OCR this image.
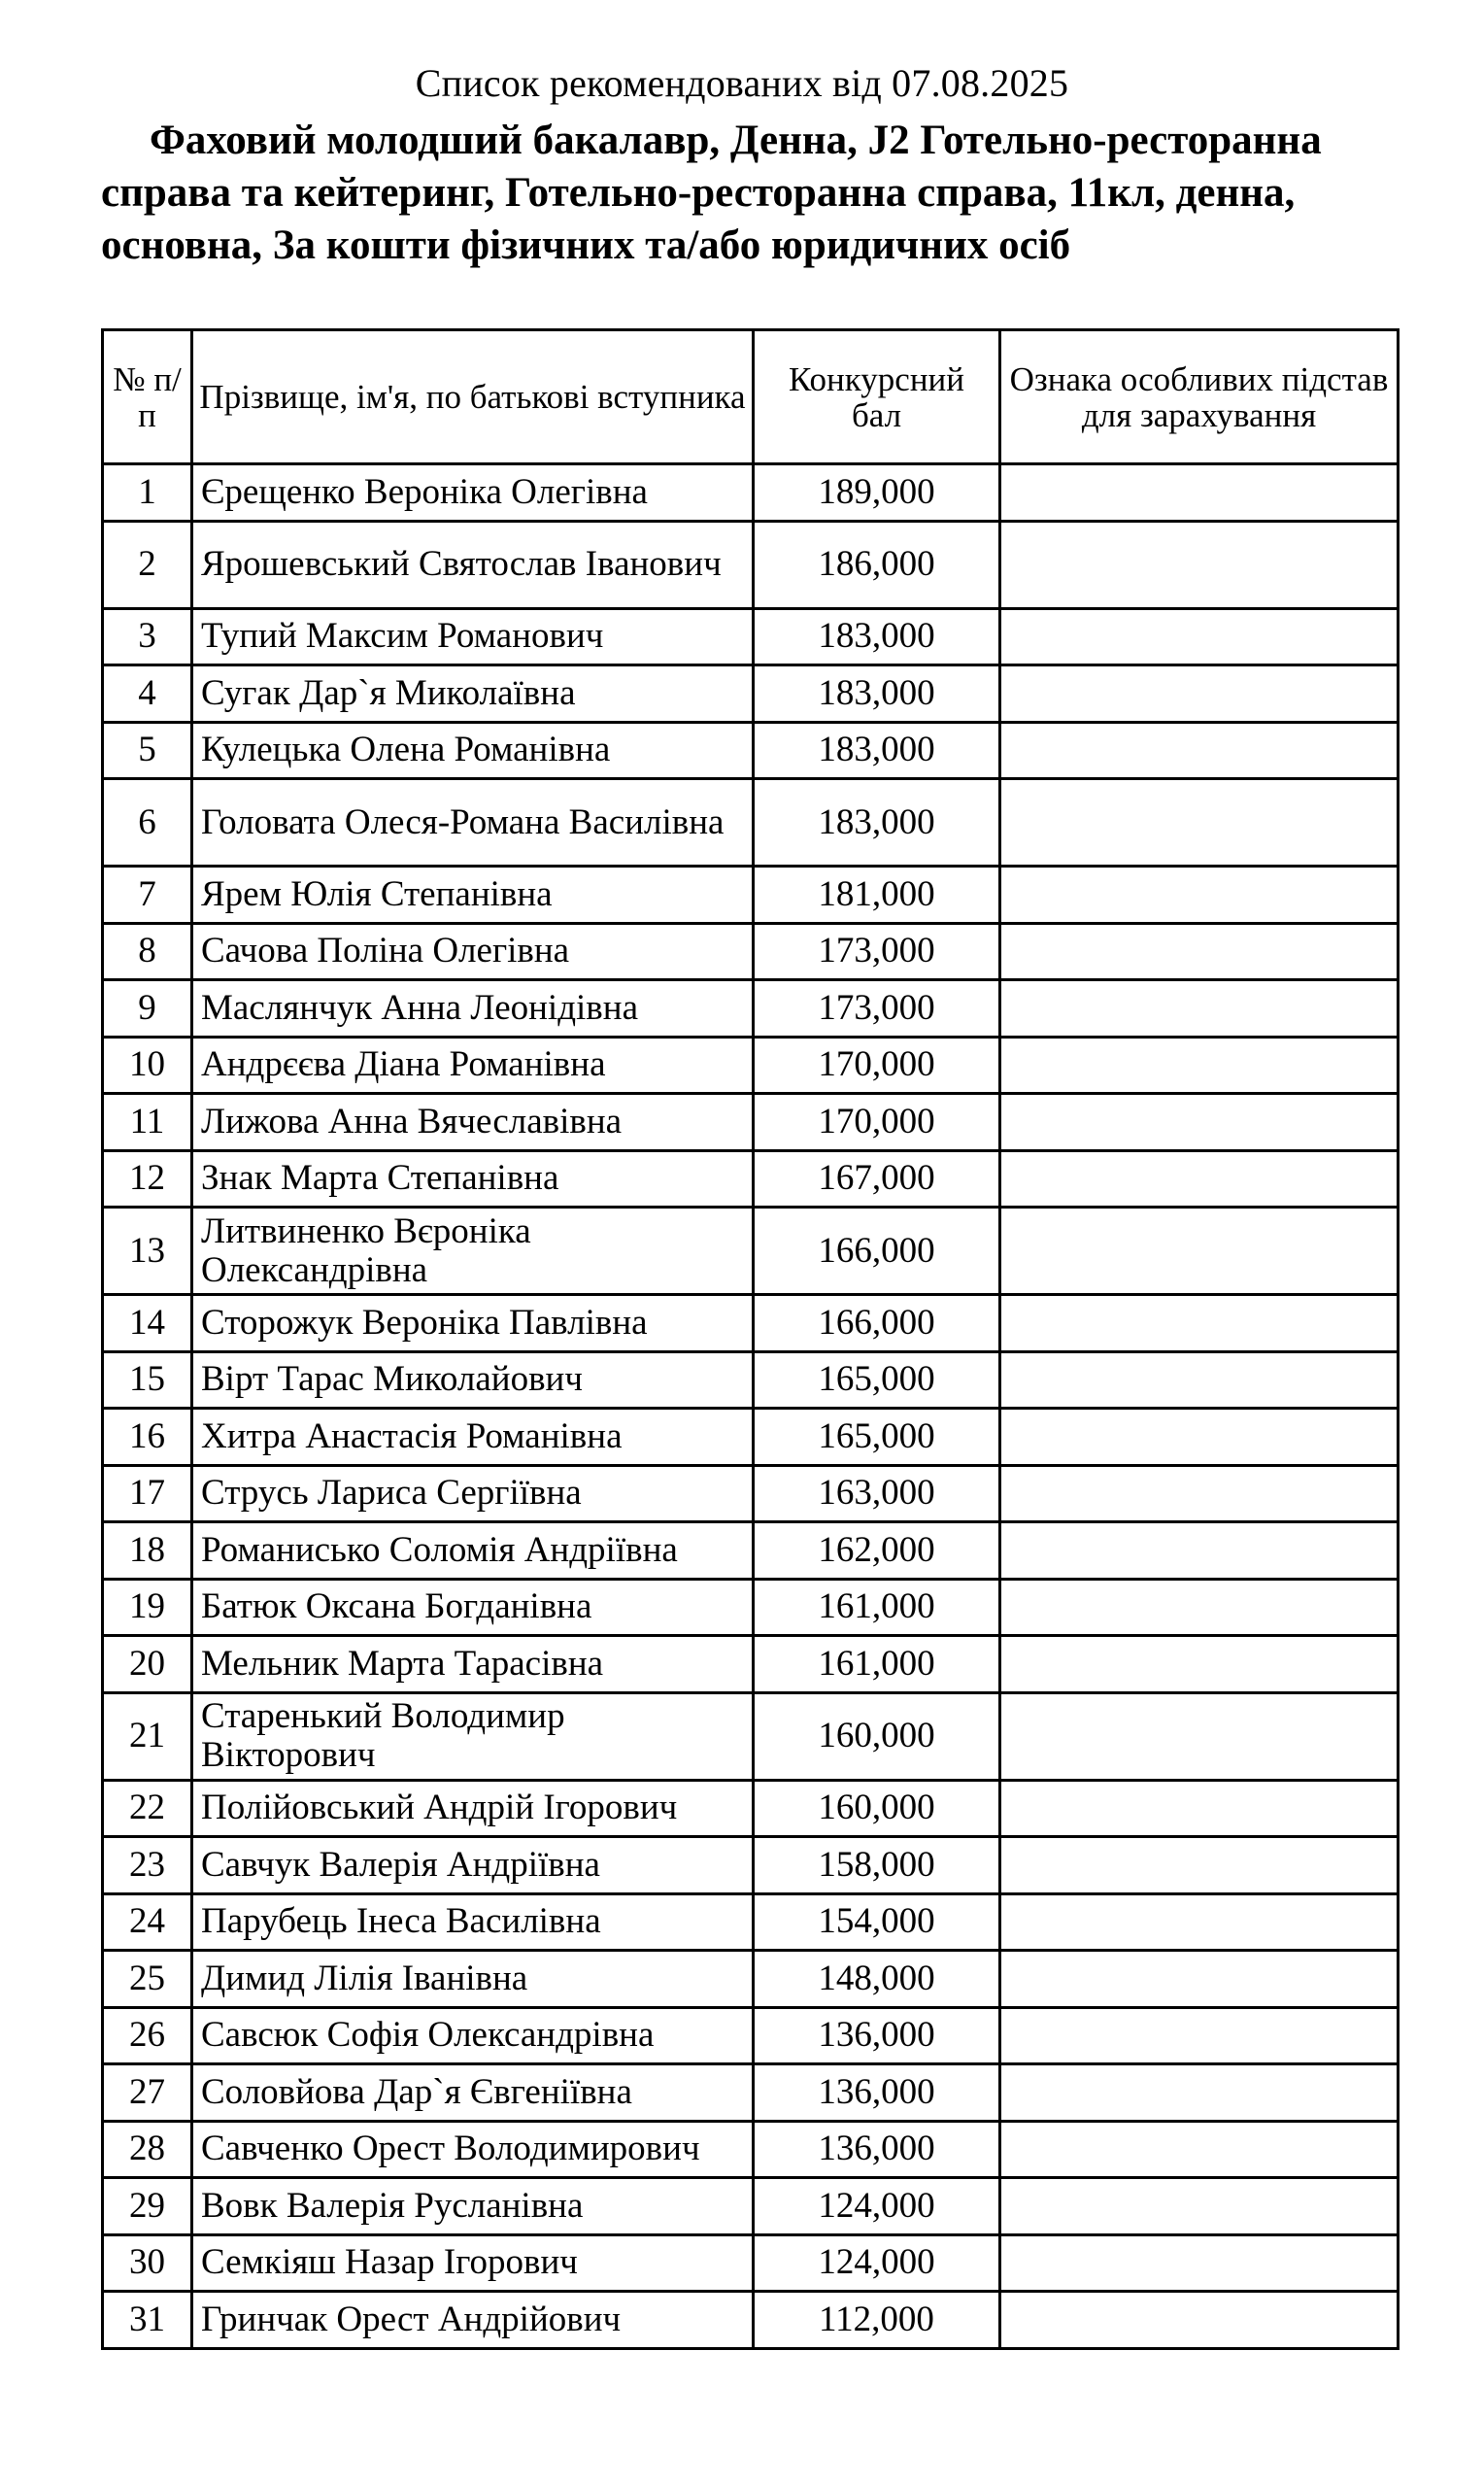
Список рекомендованих від 07.08.2025

Фаховий молодший бакалавр, Денна, J2 Готельно-ресторанна справа та кейтеринг, Готельно-ресторанна справа, 11кл, денна, основна, За кошти фізичних та/або юридичних осіб

№ п/п	Прізвище, ім'я, по батькові вступника	Конкурсний бал	Ознака особливих підстав для зарахування
1	Єрещенко Вероніка Олегівна	189,000	
2	Ярошевський Святослав Іванович	186,000	
3	Тупий Максим Романович	183,000	
4	Сугак Дар`я Миколаївна	183,000	
5	Кулецька Олена Романівна	183,000	
6	Головата Олеся-Романа Василівна	183,000	
7	Ярем Юлія Степанівна	181,000	
8	Сачова Поліна Олегівна	173,000	
9	Маслянчук Анна Леонідівна	173,000	
10	Андрєєва Діана Романівна	170,000	
11	Лижова Анна Вячеславівна	170,000	
12	Знак Марта Степанівна	167,000	
13	Литвиненко Вєроніка Олександрівна	166,000	
14	Сторожук Вероніка Павлівна	166,000	
15	Вірт Тарас Миколайович	165,000	
16	Хитра Анастасія Романівна	165,000	
17	Струсь Лариса Сергіївна	163,000	
18	Романисько Соломія Андріївна	162,000	
19	Батюк Оксана Богданівна	161,000	
20	Мельник Марта Тарасівна	161,000	
21	Старенький Володимир Вікторович	160,000	
22	Полійовський Андрій Ігорович	160,000	
23	Савчук Валерія Андріївна	158,000	
24	Парубець Інеса Василівна	154,000	
25	Димид Лілія Іванівна	148,000	
26	Савсюк Софія Олександрівна	136,000	
27	Соловйова Дар`я Євгеніївна	136,000	
28	Савченко Орест Володимирович	136,000	
29	Вовк Валерія Русланівна	124,000	
30	Семкіяш Назар Ігорович	124,000	
31	Гринчак Орест Андрійович	112,000	
